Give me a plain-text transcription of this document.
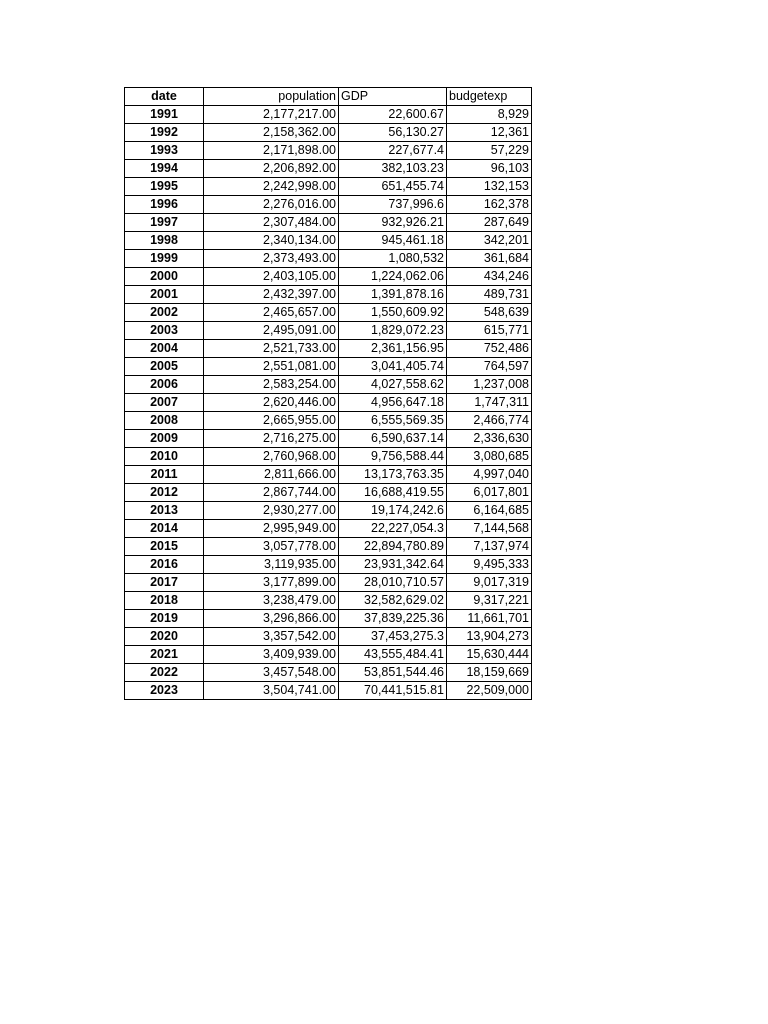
date	population	GDP	budgetexp
1991	2,177,217.00	22,600.67	8,929
1992	2,158,362.00	56,130.27	12,361
1993	2,171,898.00	227,677.4	57,229
1994	2,206,892.00	382,103.23	96,103
1995	2,242,998.00	651,455.74	132,153
1996	2,276,016.00	737,996.6	162,378
1997	2,307,484.00	932,926.21	287,649
1998	2,340,134.00	945,461.18	342,201
1999	2,373,493.00	1,080,532	361,684
2000	2,403,105.00	1,224,062.06	434,246
2001	2,432,397.00	1,391,878.16	489,731
2002	2,465,657.00	1,550,609.92	548,639
2003	2,495,091.00	1,829,072.23	615,771
2004	2,521,733.00	2,361,156.95	752,486
2005	2,551,081.00	3,041,405.74	764,597
2006	2,583,254.00	4,027,558.62	1,237,008
2007	2,620,446.00	4,956,647.18	1,747,311
2008	2,665,955.00	6,555,569.35	2,466,774
2009	2,716,275.00	6,590,637.14	2,336,630
2010	2,760,968.00	9,756,588.44	3,080,685
2011	2,811,666.00	13,173,763.35	4,997,040
2012	2,867,744.00	16,688,419.55	6,017,801
2013	2,930,277.00	19,174,242.6	6,164,685
2014	2,995,949.00	22,227,054.3	7,144,568
2015	3,057,778.00	22,894,780.89	7,137,974
2016	3,119,935.00	23,931,342.64	9,495,333
2017	3,177,899.00	28,010,710.57	9,017,319
2018	3,238,479.00	32,582,629.02	9,317,221
2019	3,296,866.00	37,839,225.36	11,661,701
2020	3,357,542.00	37,453,275.3	13,904,273
2021	3,409,939.00	43,555,484.41	15,630,444
2022	3,457,548.00	53,851,544.46	18,159,669
2023	3,504,741.00	70,441,515.81	22,509,000
